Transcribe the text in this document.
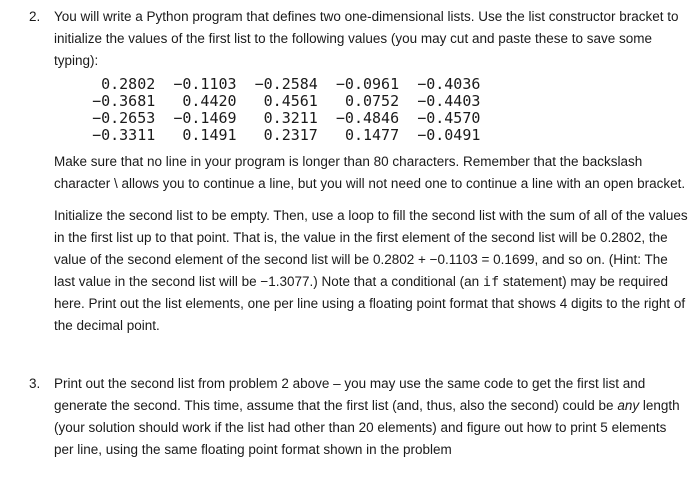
2. You will write a Python program that defines two one-dimensional lists. Use the list constructor bracket to initialize the values of the first list to the following values (you may cut and paste these to save some typing):

0.2802 −0.1103 −0.2584 −0.0961 −0.4036
−0.3681 0.4420 0.4561 0.0752 −0.4403
−0.2653 −0.1469 0.3211 −0.4846 −0.4570
−0.3311 0.1491 0.2317 0.1477 −0.0491

Make sure that no line in your program is longer than 80 characters. Remember that the backslash character \ allows you to continue a line, but you will not need one to continue a line with an open bracket.

Initialize the second list to be empty. Then, use a loop to fill the second list with the sum of all of the values in the first list up to that point. That is, the value in the first element of the second list will be 0.2802, the value of the second element of the second list will be 0.2802 + −0.1103 = 0.1699, and so on. (Hint: The last value in the second list will be −1.3077.) Note that a conditional (an if statement) may be required here. Print out the list elements, one per line using a floating point format that shows 4 digits to the right of the decimal point.

3. Print out the second list from problem 2 above – you may use the same code to get the first list and generate the second. This time, assume that the first list (and, thus, also the second) could be any length (your solution should work if the list had other than 20 elements) and figure out how to print 5 elements per line, using the same floating point format shown in the problem
